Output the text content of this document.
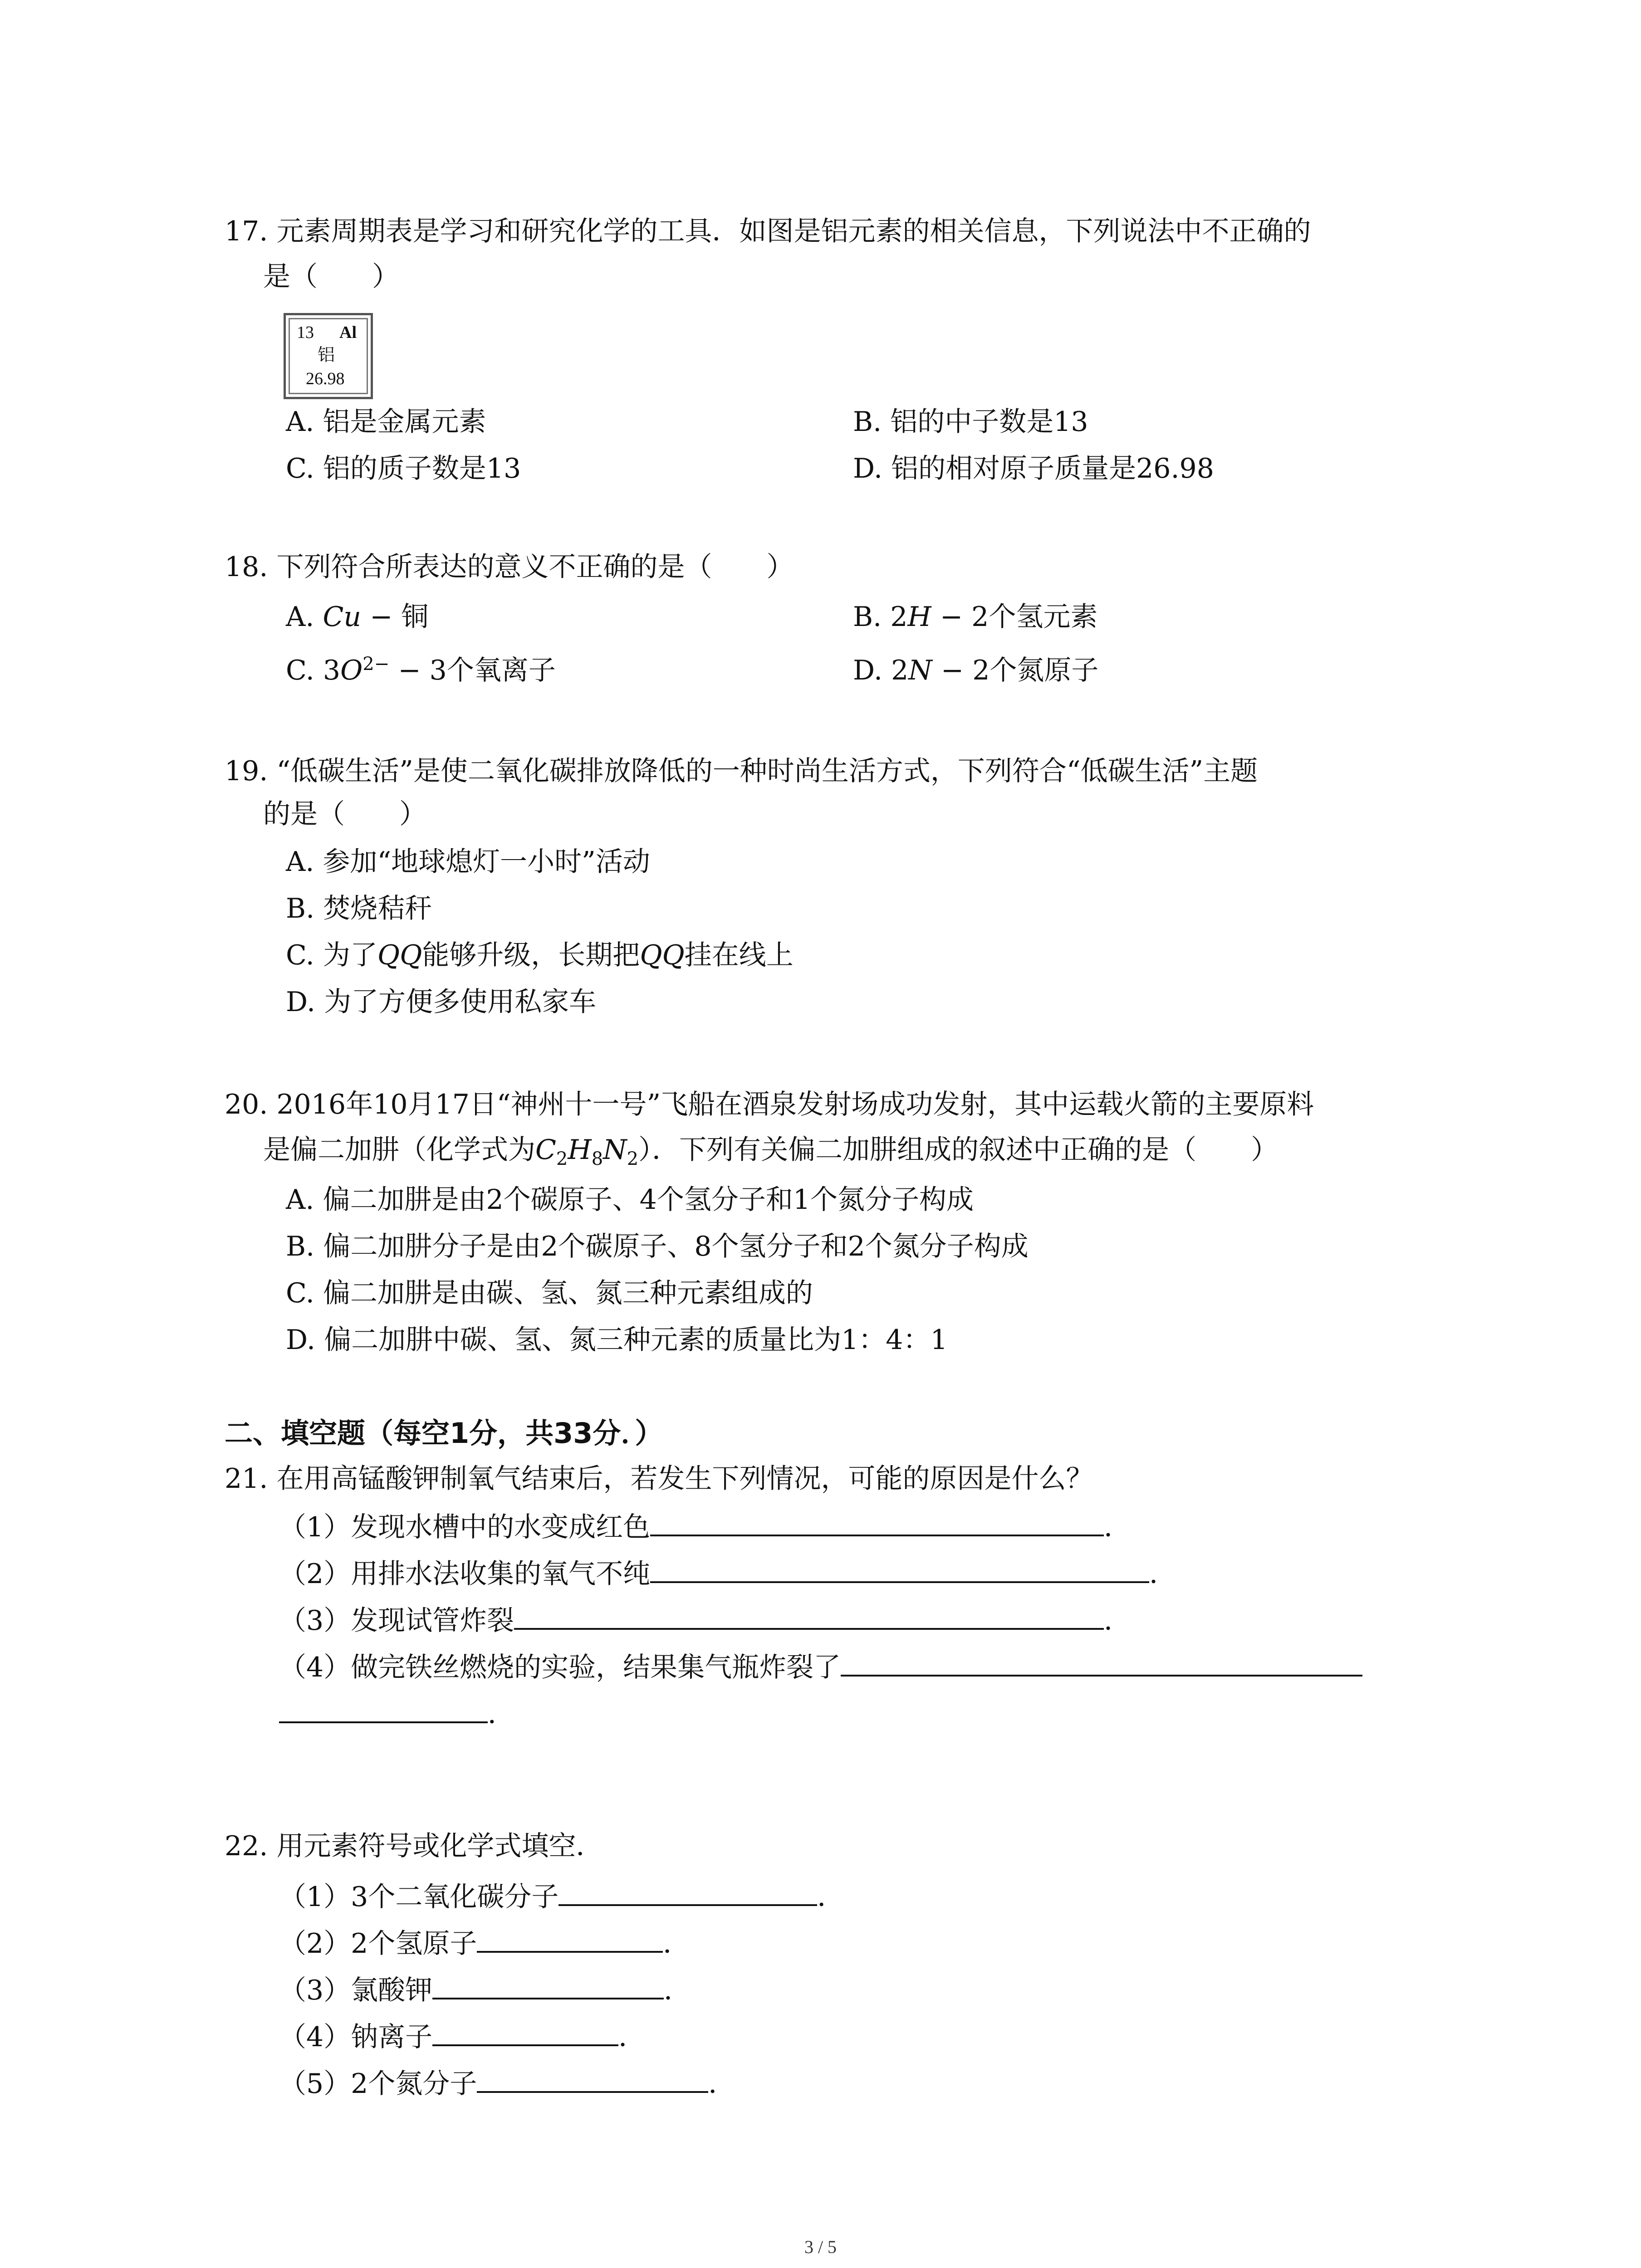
17. 元素周期表是学习和研究化学的工具．如图是铝元素的相关信息，下列说法中不正确的
是（　　）
13 Al
铝
26.98
A. 铝是金属元素	B. 铝的中子数是13
C. 铝的质子数是13	D. 铝的相对原子质量是26.98
18. 下列符合所表达的意义不正确的是（　　）
A. Cu − 铜	B. 2H − 2个氢元素
C. $3O^{2-} - 3$个氧离子	D. 2N − 2个氮原子
19. “低碳生活”是使二氧化碳排放降低的一种时尚生活方式，下列符合“低碳生活”主题
的是（　　）
A. 参加“地球熄灯一小时”活动
B. 焚烧秸秆
C. 为了QQ能够升级，长期把QQ挂在线上
D. 为了方便多使用私家车
20. 2016年10月17日“神州十一号”飞船在酒泉发射场成功发射，其中运载火箭的主要原料
是偏二加肼（化学式为$C_2H_8N_2$）．下列有关偏二加肼组成的叙述中正确的是（　　）
A. 偏二加肼是由2个碳原子、4个氢分子和1个氮分子构成
B. 偏二加肼分子是由2个碳原子、8个氢分子和2个氮分子构成
C. 偏二加肼是由碳、氢、氮三种元素组成的
D. 偏二加肼中碳、氢、氮三种元素的质量比为1：4：1
二、填空题（每空1分，共33分．）
21. 在用高锰酸钾制氧气结束后，若发生下列情况，可能的原因是什么？
（1）发现水槽中的水变成红色	．
（2）用排水法收集的氧气不纯	．
（3）发现试管炸裂	．
（4）做完铁丝燃烧的实验，结果集气瓶炸裂了
．
22. 用元素符号或化学式填空．
（1）3个二氧化碳分子	．
（2）2个氢原子	．
（3）氯酸钾	．
（4）钠离子	．
（5）2个氮分子	．
3 / 5
